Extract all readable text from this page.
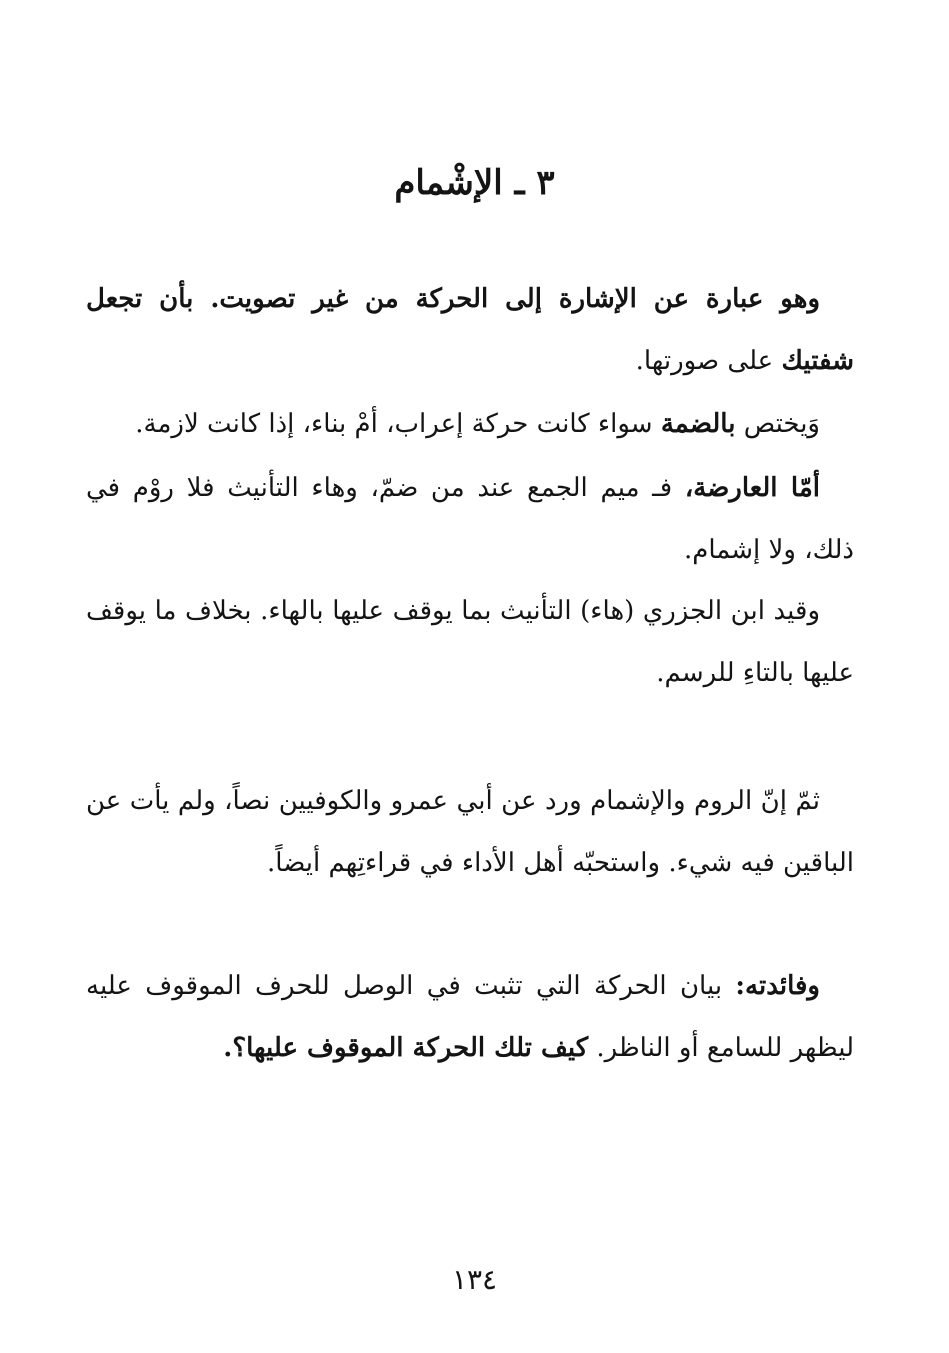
٣ ـ الإشْمام

وهو عبارة عن الإشارة إلى الحركة من غير تصويت. بأن تجعل شفتيك على صورتها.

وَيختص بالضمة سواء كانت حركة إعراب، أمْ بناء، إذا كانت لازمة.

أمّا العارضة، فـ ميم الجمع عند من ضمّ، وهاء التأنيث فلا روْم في ذلك، ولا إشمام.

وقيد ابن الجزري (هاء) التأنيث بما يوقف عليها بالهاء. بخلاف ما يوقف عليها بالتاءِ للرسم.

ثمّ إنّ الروم والإشمام ورد عن أبي عمرو والكوفيين نصاً، ولم يأت عن الباقين فيه شيء. واستحبّه أهل الأداء في قراءتِهم أيضاً.

وفائدته: بيان الحركة التي تثبت في الوصل للحرف الموقوف عليه ليظهر للسامع أو الناظر. كيف تلك الحركة الموقوف عليها؟.

١٣٤
